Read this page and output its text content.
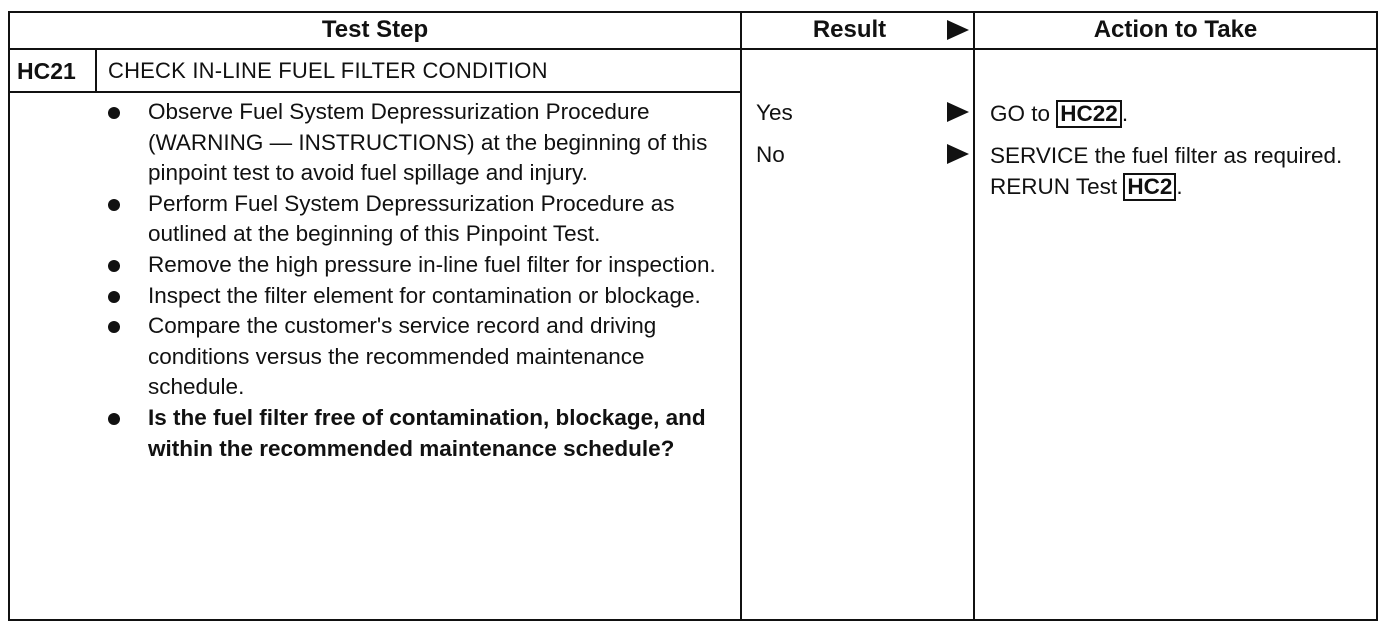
Test Step	Result	Action to Take
HC21 CHECK IN-LINE FUEL FILTER CONDITION
Observe Fuel System Depressurization Procedure (WARNING — INSTRUCTIONS) at the beginning of this pinpoint test to avoid fuel spillage and injury.
Perform Fuel System Depressurization Procedure as outlined at the beginning of this Pinpoint Test.
Remove the high pressure in-line fuel filter for inspection.
Inspect the filter element for contamination or blockage.
Compare the customer's service record and driving conditions versus the recommended maintenance schedule.
Is the fuel filter free of contamination, blockage, and within the recommended maintenance schedule?
Yes
No
GO to HC22 .
SERVICE the fuel filter as required. RERUN Test HC2 .
